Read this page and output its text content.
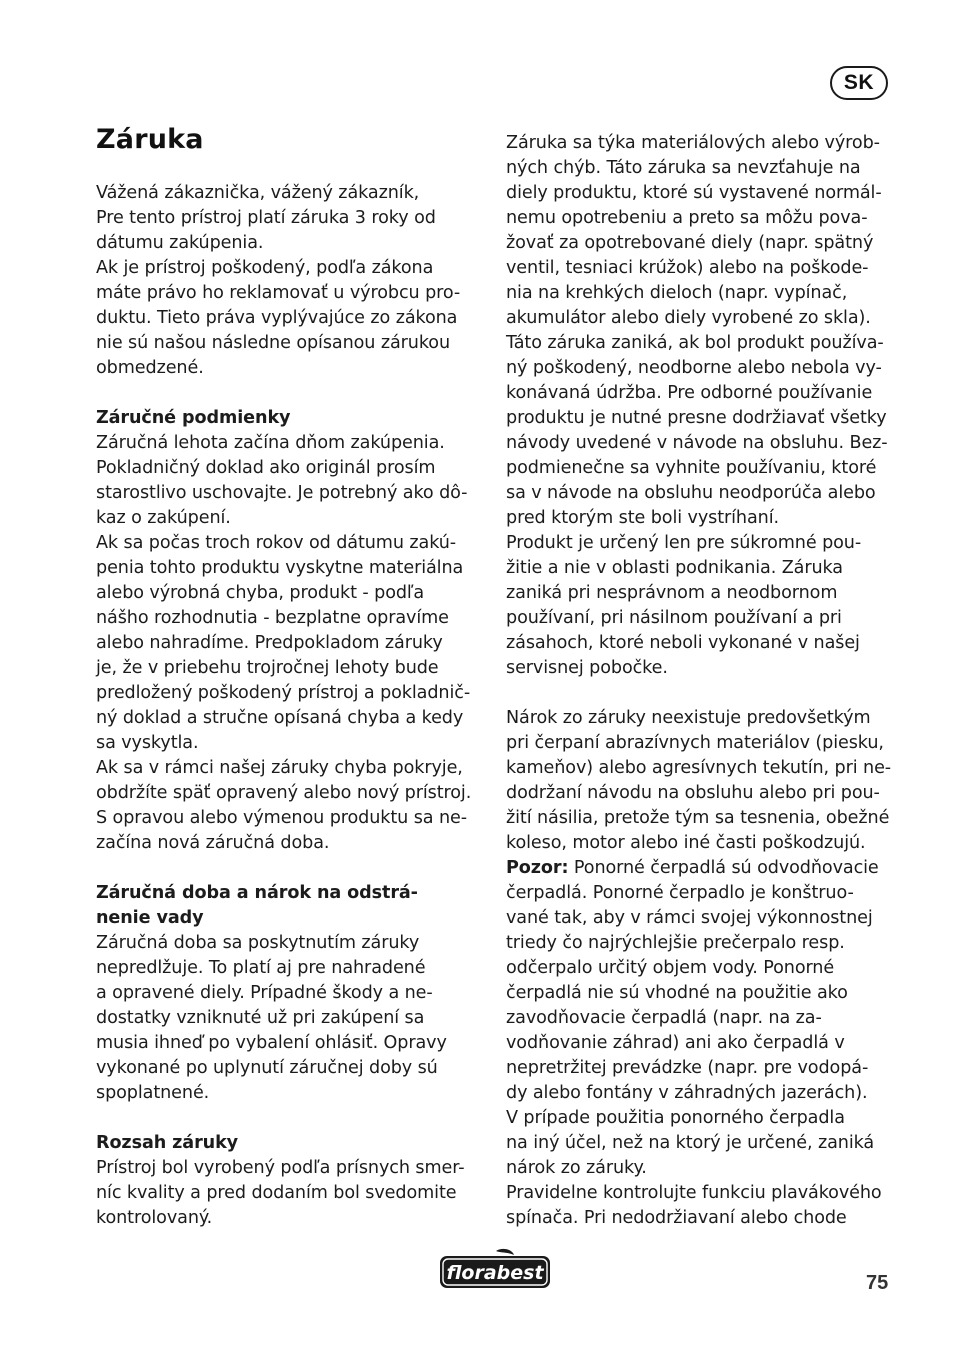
SK
Záruka

Vážená zákaznička, vážený zákazník,

Pre tento prístroj platí záruka 3 roky od

dátumu zakúpenia.

Ak je prístroj poškodený, podľa zákona

máte právo ho reklamovať u výrobcu pro-

duktu. Tieto práva vyplývajúce zo zákona

nie sú našou následne opísanou zárukou

obmedzené.

Záručné podmienky

Záručná lehota začína dňom zakúpenia.

Pokladničný doklad ako originál prosím

starostlivo uschovajte. Je potrebný ako dô-

kaz o zakúpení.

Ak sa počas troch rokov od dátumu zakú-

penia tohto produktu vyskytne materiálna

alebo výrobná chyba, produkt - podľa

nášho rozhodnutia - bezplatne opravíme

alebo nahradíme. Predpokladom záruky

je, že v priebehu trojročnej lehoty bude

predložený poškodený prístroj a pokladnič-

ný doklad a stručne opísaná chyba a kedy

sa vyskytla.

Ak sa v rámci našej záruky chyba pokryje,

obdržíte späť opravený alebo nový prístroj.

S opravou alebo výmenou produktu sa ne-

začína nová záručná doba.

Záručná doba a nárok na odstrá-

nenie vady

Záručná doba sa poskytnutím záruky

nepredlžuje. To platí aj pre nahradené

a opravené diely. Prípadné škody a ne-

dostatky vzniknuté už pri zakúpení sa

musia ihneď po vybalení ohlásiť. Opravy

vykonané po uplynutí záručnej doby sú

spoplatnené.

Rozsah záruky

Prístroj bol vyrobený podľa prísnych smer-

níc kvality a pred dodaním bol svedomite

kontrolovaný.

Záruka sa týka materiálových alebo výrob-

ných chýb. Táto záruka sa nevzťahuje na

diely produktu, ktoré sú vystavené normál-

nemu opotrebeniu a preto sa môžu pova-

žovať za opotrebované diely (napr. spätný

ventil, tesniaci krúžok) alebo na poškode-

nia na krehkých dieloch (napr. vypínač,

akumulátor alebo diely vyrobené zo skla).

Táto záruka zaniká, ak bol produkt používa-

ný poškodený, neodborne alebo nebola vy-

konávaná údržba. Pre odborné používanie

produktu je nutné presne dodržiavať všetky

návody uvedené v návode na obsluhu. Bez-

podmienečne sa vyhnite používaniu, ktoré

sa v návode na obsluhu neodporúča alebo

pred ktorým ste boli vystríhaní.

Produkt je určený len pre súkromné pou-

žitie a nie v oblasti podnikania. Záruka

zaniká pri nesprávnom a neodbornom

používaní, pri násilnom používaní a pri

zásahoch, ktoré neboli vykonané v našej

servisnej pobočke.

Nárok zo záruky neexistuje predovšetkým

pri čerpaní abrazívnych materiálov (piesku,

kameňov) alebo agresívnych tekutín, pri ne-

dodržaní návodu na obsluhu alebo pri pou-

žití násilia, pretože tým sa tesnenia, obežné

koleso, motor alebo iné časti poškodzujú.

Pozor: Ponorné čerpadlá sú odvodňovacie

čerpadlá. Ponorné čerpadlo je konštruo-

vané tak, aby v rámci svojej výkonnostnej

triedy čo najrýchlejšie prečerpalo resp.

odčerpalo určitý objem vody. Ponorné

čerpadlá nie sú vhodné na použitie ako

zavodňovacie čerpadlá (napr. na za-

vodňovanie záhrad) ani ako čerpadlá v

nepretržitej prevádzke (napr. pre vodopá-

dy alebo fontány v záhradných jazerách).

V prípade použitia ponorného čerpadla

na iný účel, než na ktorý je určené, zaniká

nárok zo záruky.

Pravidelne kontrolujte funkciu plavákového

spínača. Pri nedodržiavaní alebo chode

florabest	75
